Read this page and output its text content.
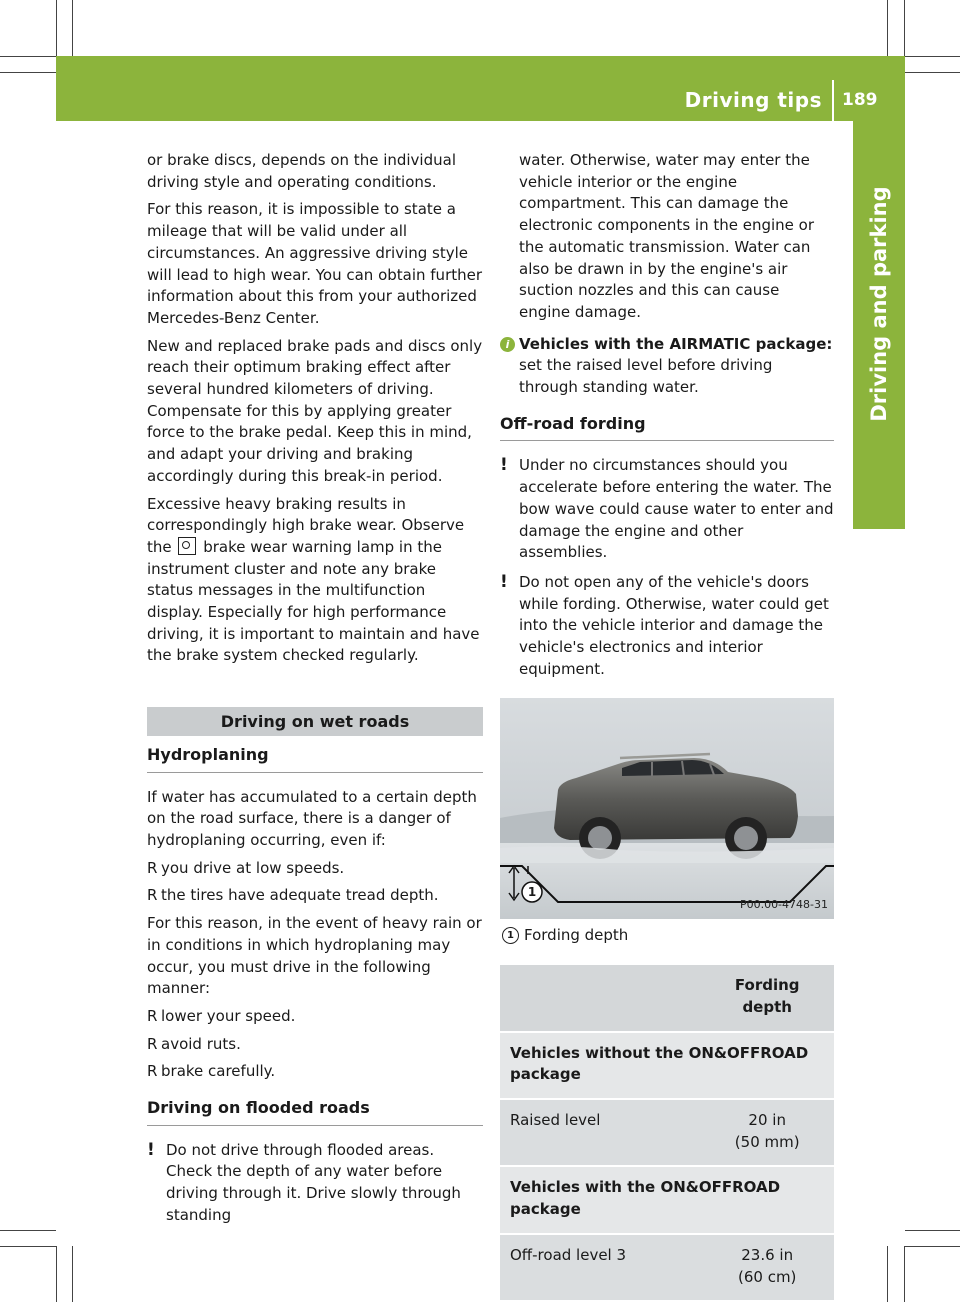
Driving tips 189
Driving and parking

or brake discs, depends on the individual driving style and operating conditions.

For this reason, it is impossible to state a mileage that will be valid under all circumstances. An aggressive driving style will lead to high wear. You can obtain further information about this from your authorized Mercedes-Benz Center.

New and replaced brake pads and discs only reach their optimum braking effect after several hundred kilometers of driving. Compensate for this by applying greater force to the brake pedal. Keep this in mind, and adapt your driving and braking accordingly during this break-in period.

Excessive heavy braking results in correspondingly high brake wear. Observe the brake wear warning lamp in the instrument cluster and note any brake status messages in the multifunction display. Especially for high performance driving, it is important to maintain and have the brake system checked regularly.

Driving on wet roads
Hydroplaning

If water has accumulated to a certain depth on the road surface, there is a danger of hydroplaning occurring, even if:

R you drive at low speeds.
R the tires have adequate tread depth.

For this reason, in the event of heavy rain or in conditions in which hydroplaning may occur, you must drive in the following manner:

R lower your speed.
R avoid ruts.
R brake carefully.
Driving on flooded roads
! Do not drive through flooded areas. Check the depth of any water before driving through it. Drive slowly through standing
water. Otherwise, water may enter the vehicle interior or the engine compartment. This can damage the electronic components in the engine or the automatic transmission. Water can also be drawn in by the engine's air suction nozzles and this can cause engine damage.
i Vehicles with the AIRMATIC package:
set the raised level before driving through standing water.
Off-road fording
! Under no circumstances should you accelerate before entering the water. The bow wave could cause water to enter and damage the engine and other assemblies.
! Do not open any of the vehicle's doors while fording. Otherwise, water could get into the vehicle interior and damage the vehicle's electronics and interior equipment.
1
P00.00-4748-31
1 Fording depth
	Fording depth
Vehicles without the ON&OFFROAD package	
Raised level	20 in
(50 mm)
Vehicles with the ON&OFFROAD package	
Off-road level 3	23.6 in
(60 cm)
